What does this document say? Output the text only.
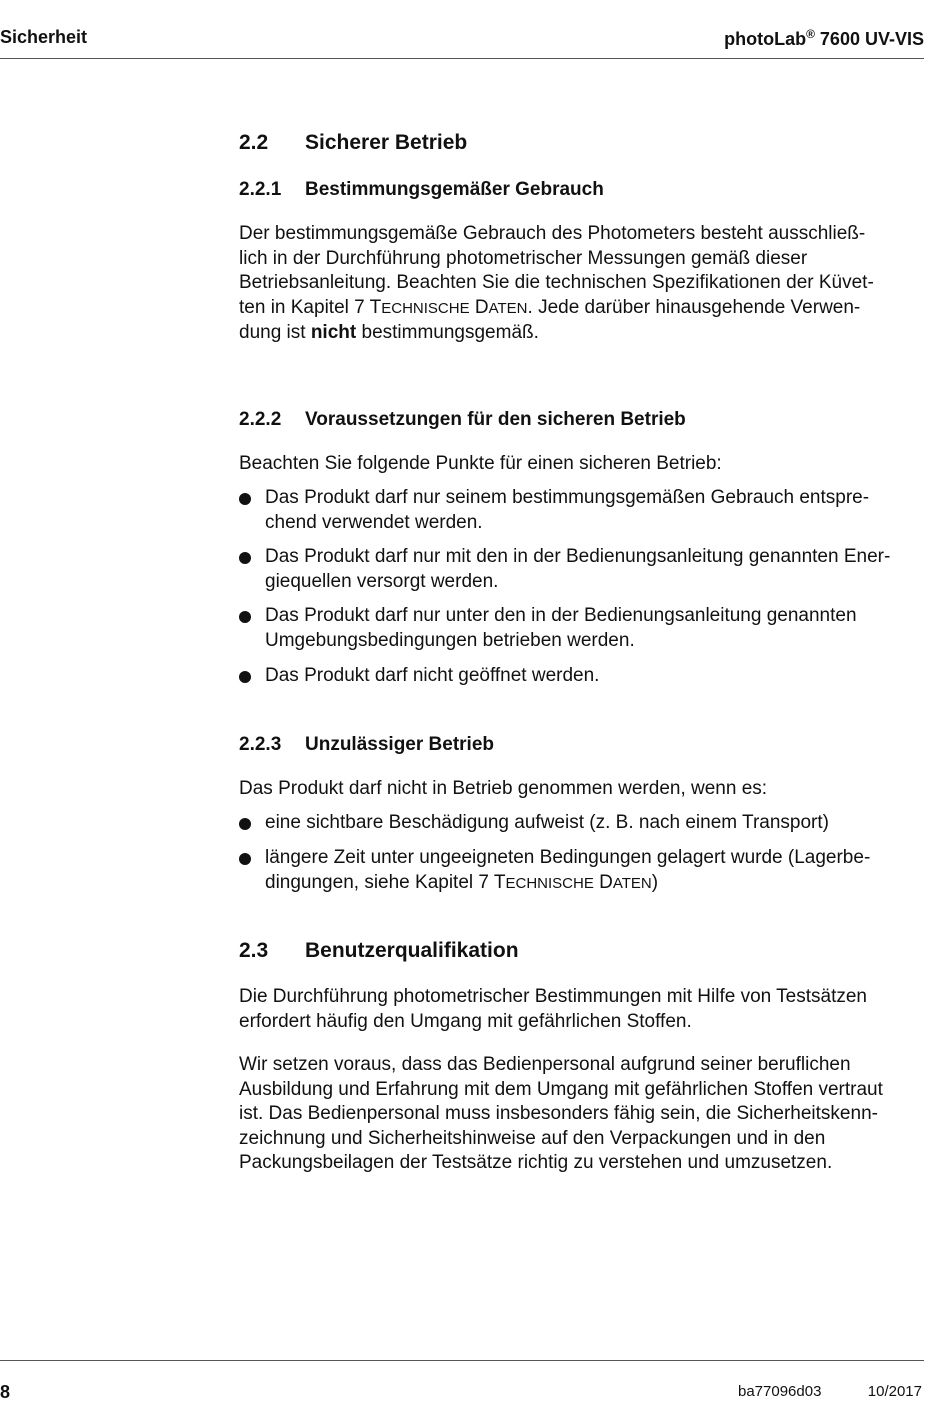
Sicherheit	photoLab® 7600 UV-VIS
2.2 Sicherer Betrieb
2.2.1 Bestimmungsgemäßer Gebrauch
Der bestimmungsgemäße Gebrauch des Photometers besteht ausschließ-
lich in der Durchführung photometrischer Messungen gemäß dieser
Betriebsanleitung. Beachten Sie die technischen Spezifikationen der Küvet-
ten in Kapitel 7 TECHNISCHE DATEN. Jede darüber hinausgehende Verwen-
dung ist nicht bestimmungsgemäß.
2.2.2 Voraussetzungen für den sicheren Betrieb
Beachten Sie folgende Punkte für einen sicheren Betrieb:
Das Produkt darf nur seinem bestimmungsgemäßen Gebrauch entspre-
chend verwendet werden.
Das Produkt darf nur mit den in der Bedienungsanleitung genannten Ener-
giequellen versorgt werden.
Das Produkt darf nur unter den in der Bedienungsanleitung genannten
Umgebungsbedingungen betrieben werden.
Das Produkt darf nicht geöffnet werden.
2.2.3 Unzulässiger Betrieb
Das Produkt darf nicht in Betrieb genommen werden, wenn es:
eine sichtbare Beschädigung aufweist (z. B. nach einem Transport)
längere Zeit unter ungeeigneten Bedingungen gelagert wurde (Lagerbe-
dingungen, siehe Kapitel 7 TECHNISCHE DATEN)
2.3 Benutzerqualifikation
Die Durchführung photometrischer Bestimmungen mit Hilfe von Testsätzen
erfordert häufig den Umgang mit gefährlichen Stoffen.
Wir setzen voraus, dass das Bedienpersonal aufgrund seiner beruflichen
Ausbildung und Erfahrung mit dem Umgang mit gefährlichen Stoffen vertraut
ist. Das Bedienpersonal muss insbesonders fähig sein, die Sicherheitskenn-
zeichnung und Sicherheitshinweise auf den Verpackungen und in den
Packungsbeilagen der Testsätze richtig zu verstehen und umzusetzen.
8	ba77096d03	10/2017
